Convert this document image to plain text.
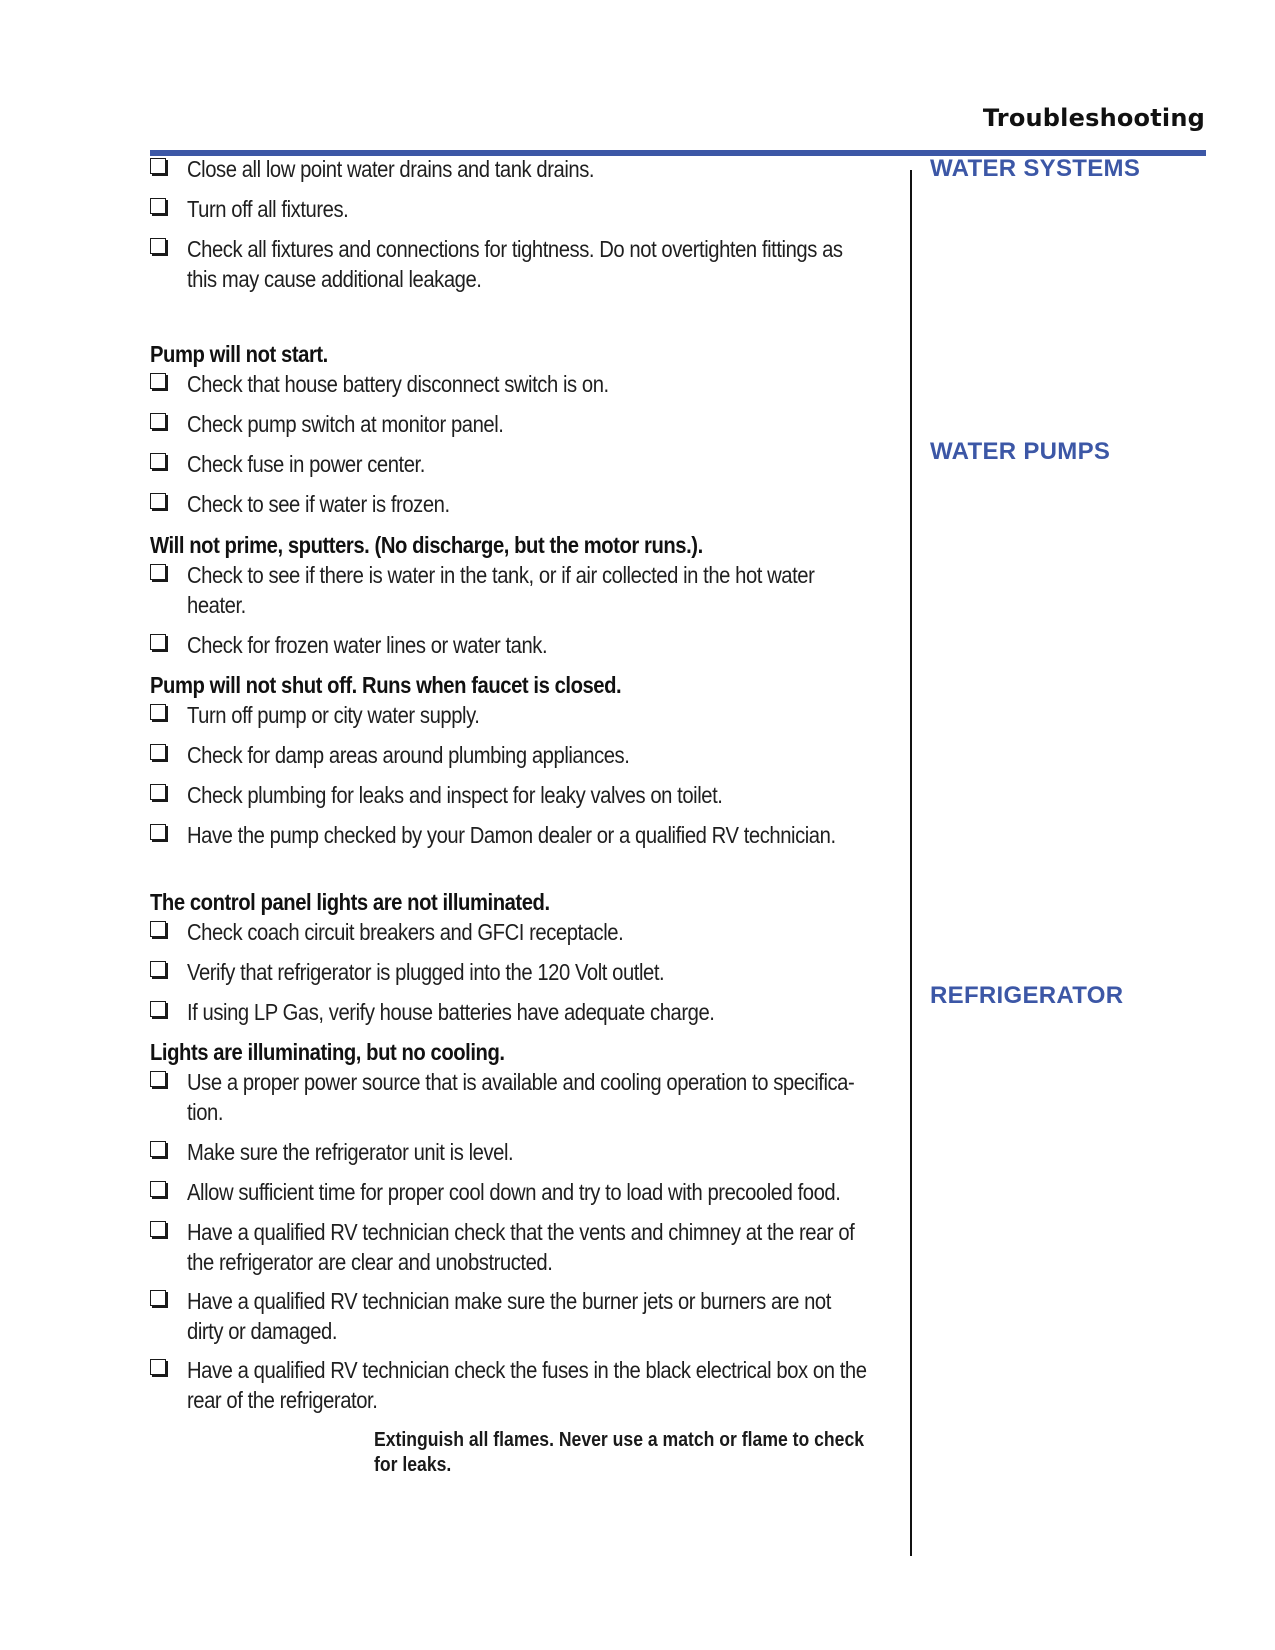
Troubleshooting
WATER SYSTEMS
WATER PUMPS
REFRIGERATOR
Close all low point water drains and tank drains.
Turn off all fixtures.
Check all fixtures and connections for tightness. Do not overtighten fittings as
this may cause additional leakage.
Pump will not start.
Check that house battery disconnect switch is on.
Check pump switch at monitor panel.
Check fuse in power center.
Check to see if water is frozen.
Will not prime, sputters. (No discharge, but the motor runs.).
Check to see if there is water in the tank, or if air collected in the hot water
heater.
Check for frozen water lines or water tank.
Pump will not shut off. Runs when faucet is closed.
Turn off pump or city water supply.
Check for damp areas around plumbing appliances.
Check plumbing for leaks and inspect for leaky valves on toilet.
Have the pump checked by your Damon dealer or a qualified RV technician.
The control panel lights are not illuminated.
Check coach circuit breakers and GFCI receptacle.
Verify that refrigerator is plugged into the 120 Volt outlet.
If using LP Gas, verify house batteries have adequate charge.
Lights are illuminating, but no cooling.
Use a proper power source that is available and cooling operation to specifica-
tion.
Make sure the refrigerator unit is level.
Allow sufficient time for proper cool down and try to load with precooled food.
Have a qualified RV technician check that the vents and chimney at the rear of
the refrigerator are clear and unobstructed.
Have a qualified RV technician make sure the burner jets or burners are not
dirty or damaged.
Have a qualified RV technician check the fuses in the black electrical box on the
rear of the refrigerator.
Extinguish all flames. Never use a match or flame to check for leaks.
